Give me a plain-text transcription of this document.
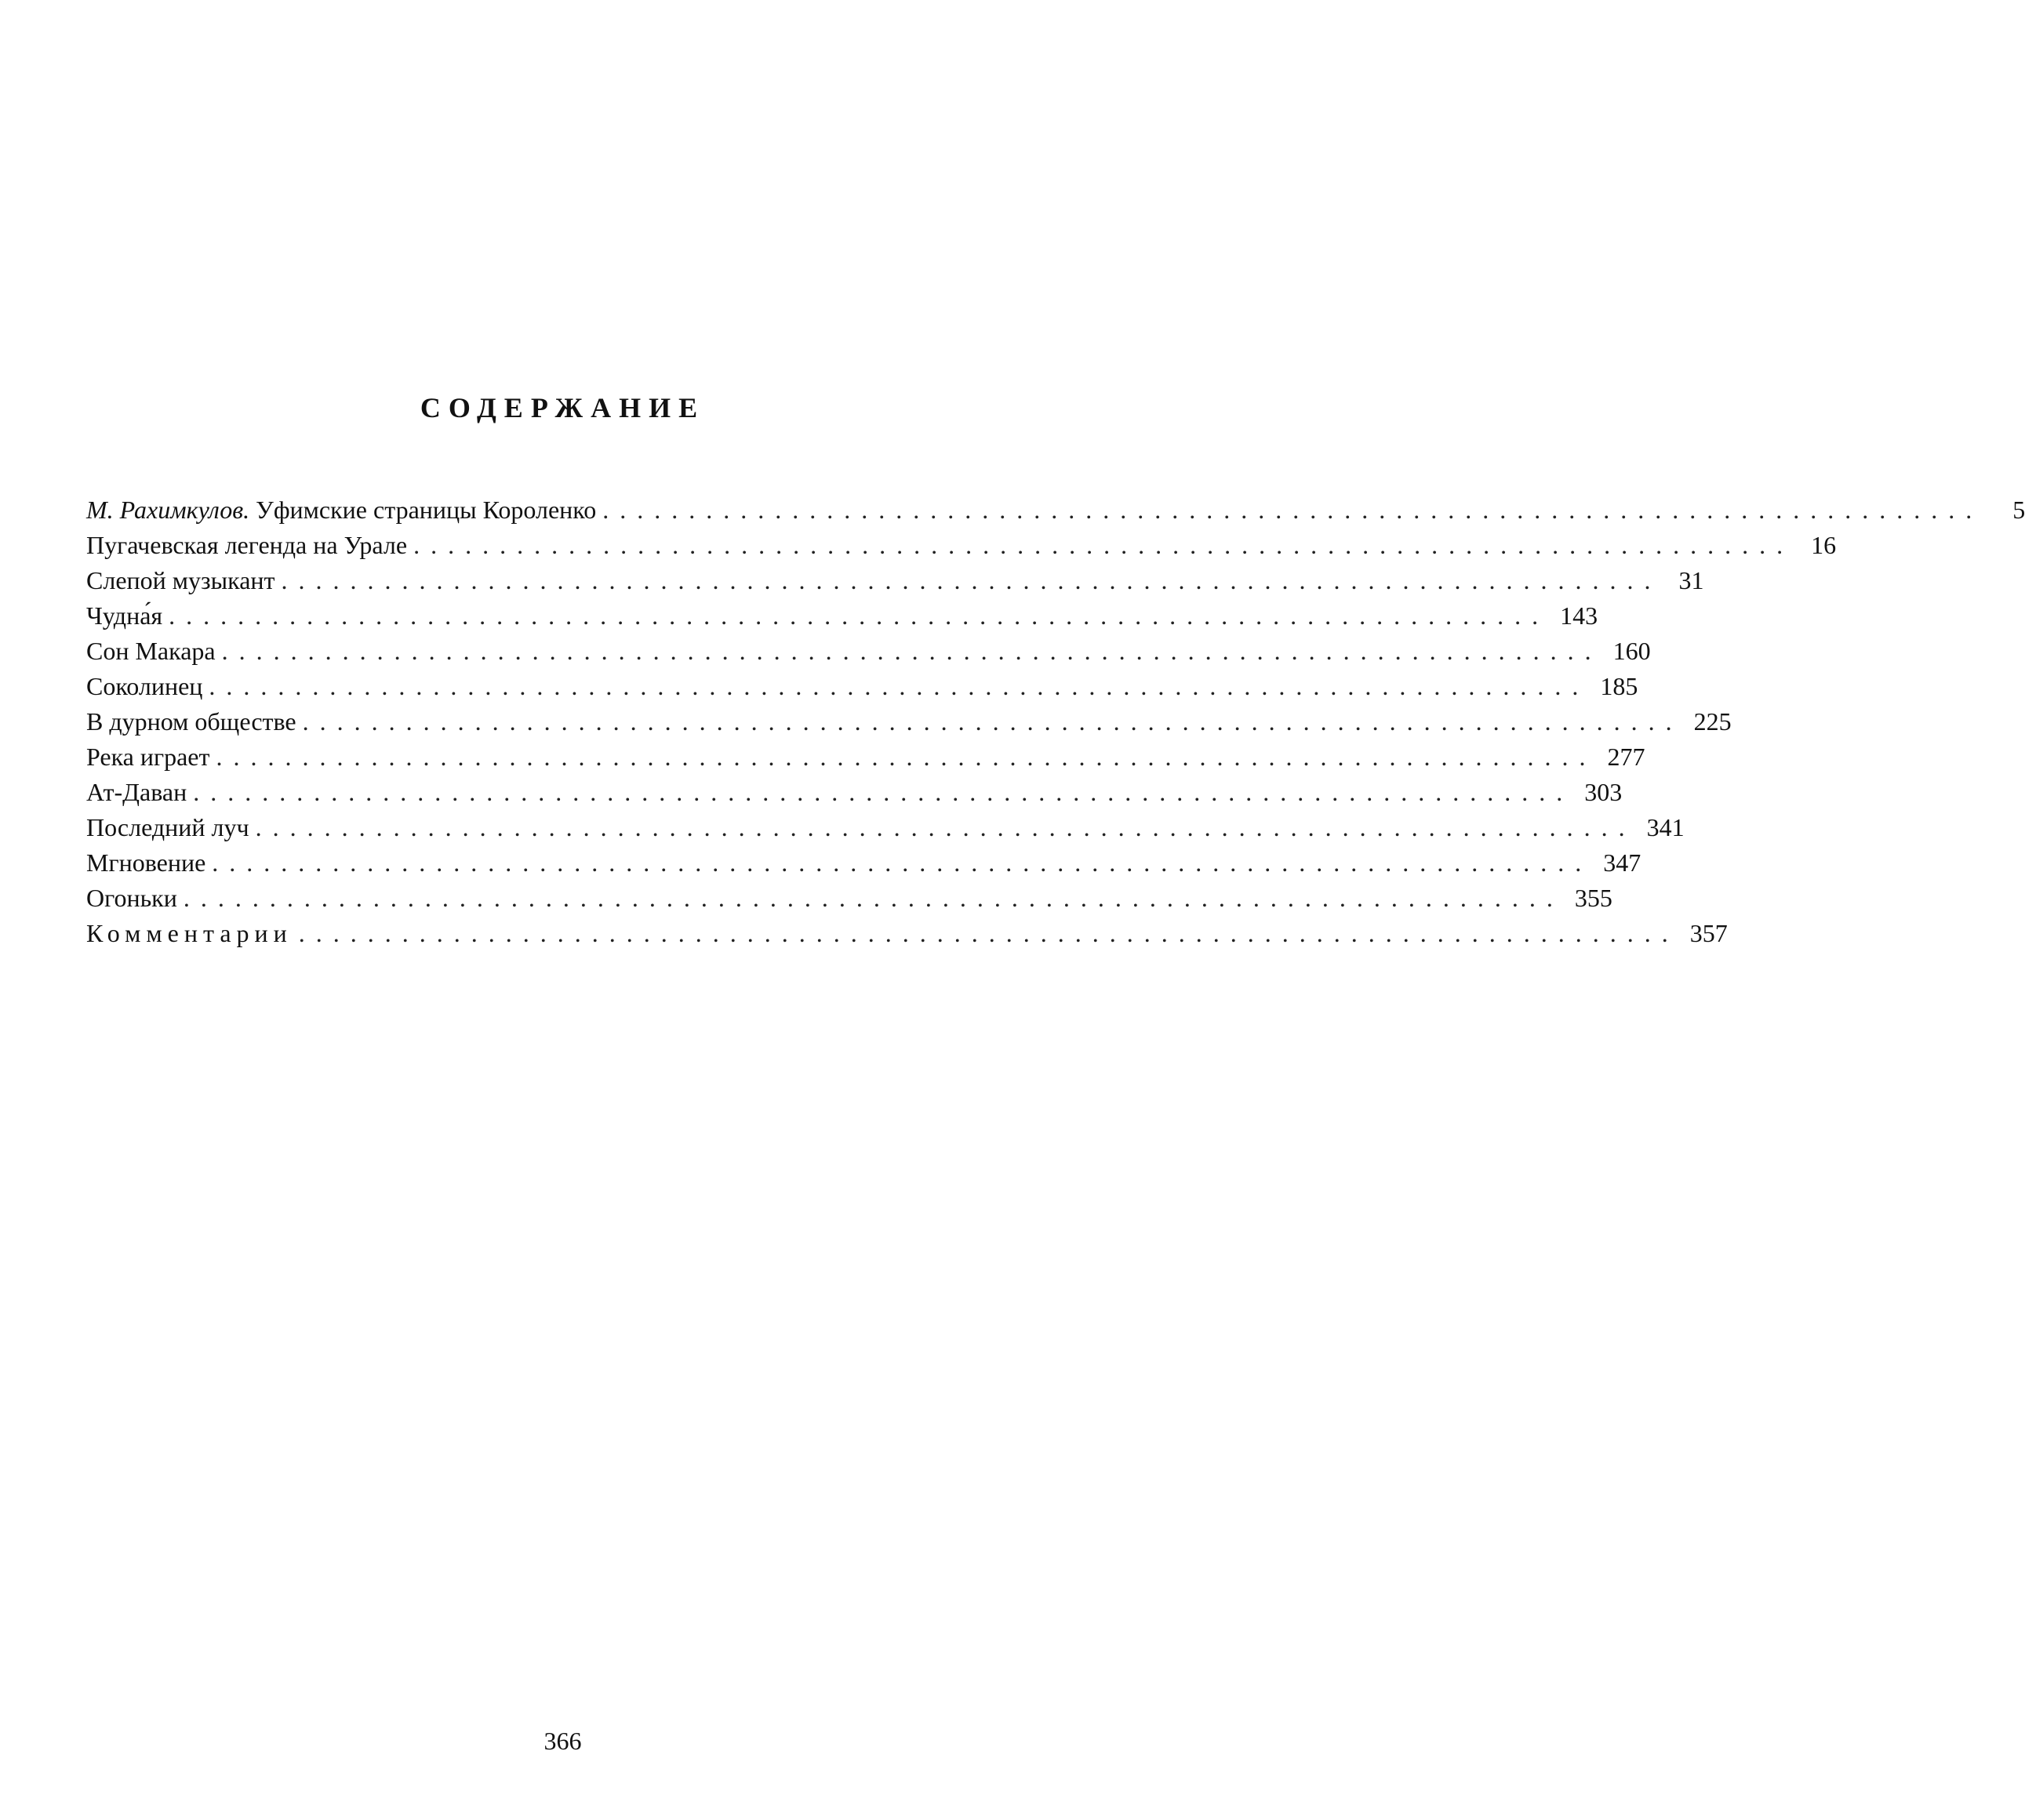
СОДЕРЖАНИЕ
М. Рахимкулов. Уфимские страницы Короленко ................................................................................	5
Пугачевская легенда на Урале ................................................................................ 16
Слепой музыкант ................................................................................ 31
Чудна́я ................................................................................ 143
Сон Макара ................................................................................ 160
Соколинец ................................................................................ 185
В дурном обществе ................................................................................ 225
Река играет ................................................................................ 277
Ат-Даван ................................................................................ 303
Последний луч ................................................................................ 341
Мгновение ................................................................................ 347
Огоньки ................................................................................ 355
Комментарии ................................................................................ 357
366
